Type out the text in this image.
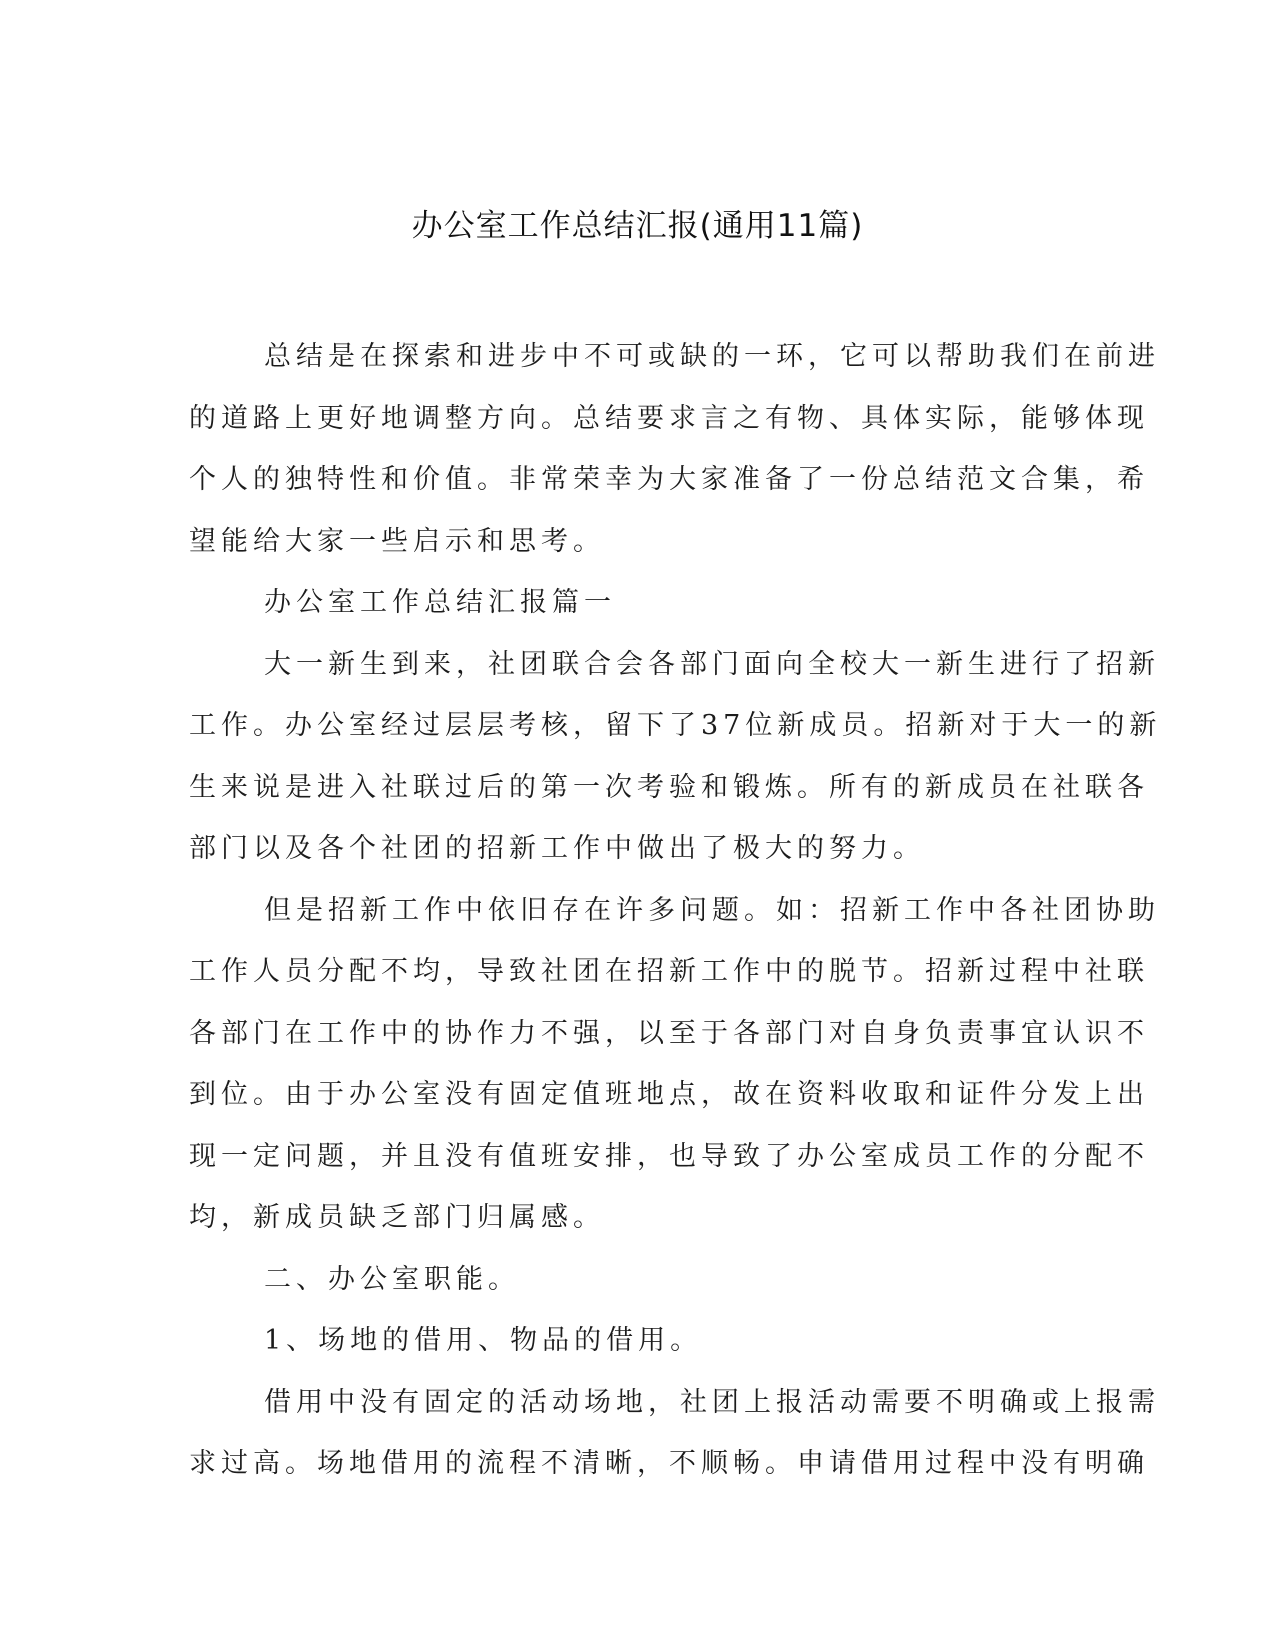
办公室工作总结汇报(通用11篇)
总结是在探索和进步中不可或缺的一环，它可以帮助我们在前进
的道路上更好地调整方向。总结要求言之有物、具体实际，能够体现
个人的独特性和价值。非常荣幸为大家准备了一份总结范文合集，希
望能给大家一些启示和思考。
办公室工作总结汇报篇一
大一新生到来，社团联合会各部门面向全校大一新生进行了招新
工作。办公室经过层层考核，留下了37位新成员。招新对于大一的新
生来说是进入社联过后的第一次考验和锻炼。所有的新成员在社联各
部门以及各个社团的招新工作中做出了极大的努力。
但是招新工作中依旧存在许多问题。如：招新工作中各社团协助
工作人员分配不均，导致社团在招新工作中的脱节。招新过程中社联
各部门在工作中的协作力不强，以至于各部门对自身负责事宜认识不
到位。由于办公室没有固定值班地点，故在资料收取和证件分发上出
现一定问题，并且没有值班安排，也导致了办公室成员工作的分配不
均，新成员缺乏部门归属感。
二、办公室职能。
1、场地的借用、物品的借用。
借用中没有固定的活动场地，社团上报活动需要不明确或上报需
求过高。场地借用的流程不清晰，不顺畅。申请借用过程中没有明确
